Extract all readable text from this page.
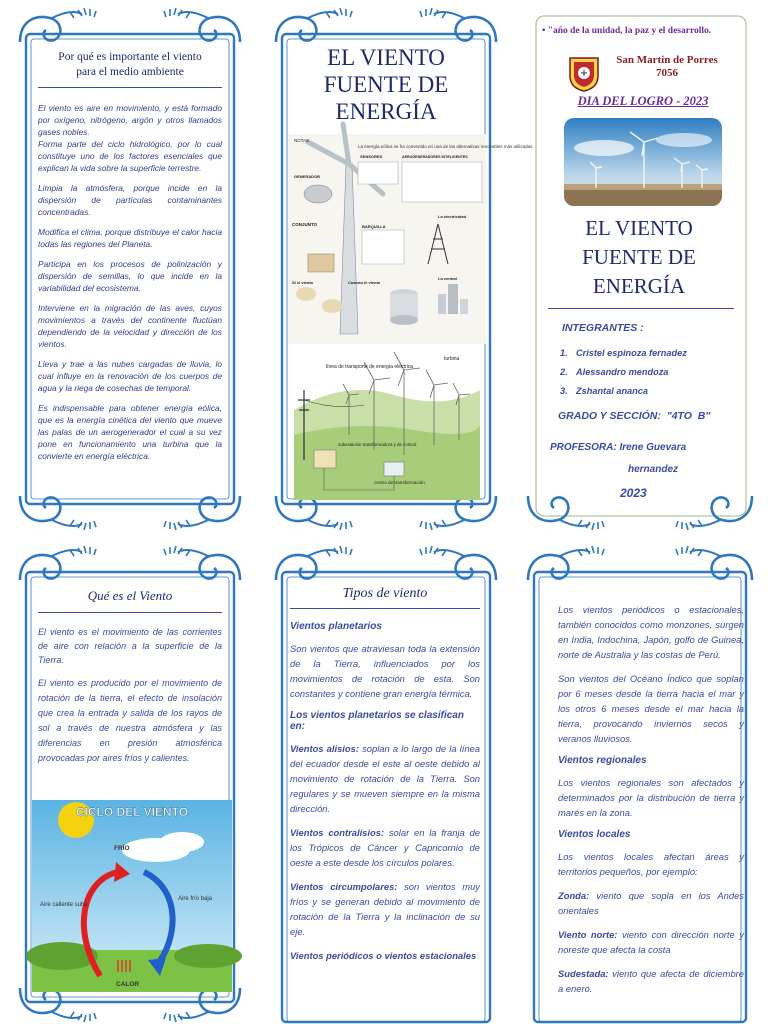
Por qué es importante el viento para el medio ambiente

El viento es aire en movimiento, y está formado por oxígeno, nitrógeno, argón y otros llamados gases nobles.

Forma parte del ciclo hidrológico, por lo cual constituye uno de los factores esenciales que explican la vida sobre la superficie terrestre.

Limpia la atmósfera, porque incide en la dispersión de partículas contaminantes concentradas.

Modifica el clima, porque distribuye el calor hacia todas las regiones del Planeta.

Participa en los procesos de polinización y dispersión de semillas, lo que incide en la variabilidad del ecosistema.

Interviene en la migración de las aves, cuyos movimientos a través del continente fluctúan dependiendo de la velocidad y dirección de los vientos.

Lleva y trae a las nubes cargadas de lluvia, lo cual influye en la renovación de los cuerpos de agua y la riega de cosechas de temporal.

Es indispensable para obtener energía eólica, que es la energía cinética del viento que mueve las palas de un aerogenerador el cual a su vez pone en funcionamiento una turbina que la convierte en energía eléctrica.

EL VIENTO FUENTE DE ENERGÍA
NOTAS
La energía eólica se ha convertido en una de las alternativas renovables más utilizadas.
GENERADOR
SENSORES	AEROGENERADORES INTELIGENTES
CONJUNTO	BARQUILLA
La electricidad
La central
Si el viento	Cuando el viento
línea de transporte de energía eléctrica
turbina
subestación transformadora y de control
centro de transformación
• "año de la unidad, la paz y el desarrollo.
San Martin de Porres 7056
DIA DEL LOGRO - 2023
EL VIENTO FUENTE DE ENERGÍA
INTEGRANTES :
1. Cristel espinoza fernadez
2. Alessandro mendoza
3. Zshantal ananca
GRADO Y SECCIÓN:  "4TO  B"
PROFESORA: Irene Guevara
hernandez
2023
Qué es el Viento

El viento es el movimiento de las corrientes de aire con relación a la superficie de la Tierra.

El viento es producido por el movimiento de rotación de la tierra, el efecto de insolación que crea la entrada y salida de los rayos de sol a través de nuestra atmósfera y las diferencias en presión atmosférica provocadas por aires fríos y calientes.

CICLO DEL VIENTO
FRÍO
Aire caliente sube
Aire frío baja
CALOR
Tipos de viento

Vientos planetarios

Son vientos que atraviesan toda la extensión de la Tierra, influenciados por los movimientos de rotación de esta. Son constantes y contiene gran energía térmica.

Los vientos planetarios se clasifican en:

Vientos alisios: soplan a lo largo de la línea del ecuador desde el este al oeste debido al movimiento de rotación de la Tierra. Son regulares y se mueven siempre en la misma dirección.

Vientos contralisios: solar en la franja de los Trópicos de Cáncer y Capricornio de oeste a este desde los círculos polares.

Vientos circumpolares: son vientos muy fríos y se generan debido al movimiento de rotación de la Tierra y la inclinación de su eje.

Vientos periódicos o vientos estacionales

Los vientos periódicos o estacionales, también conocidos como monzones, surgen en India, Indochina, Japón, golfo de Guinea, norte de Australia y las costas de Perú.

Son vientos del Océano Índico que soplan por 6 meses desde la tierra hacia el mar y los otros 6 meses desde el mar hacia la tierra, provocando inviernos secos y veranos lluviosos.

Vientos regionales

Los vientos regionales son afectados y determinados por la distribución de tierra y marés en la zona.

Vientos locales

Los vientos locales afectan áreas y territorios pequeños, por ejemplo:

Zonda: viento que sopla en los Andes orientales

Viento norte: viento con dirección norte y noreste que afecta la costa

Sudestada: viento que afecta de diciembre a enero.
